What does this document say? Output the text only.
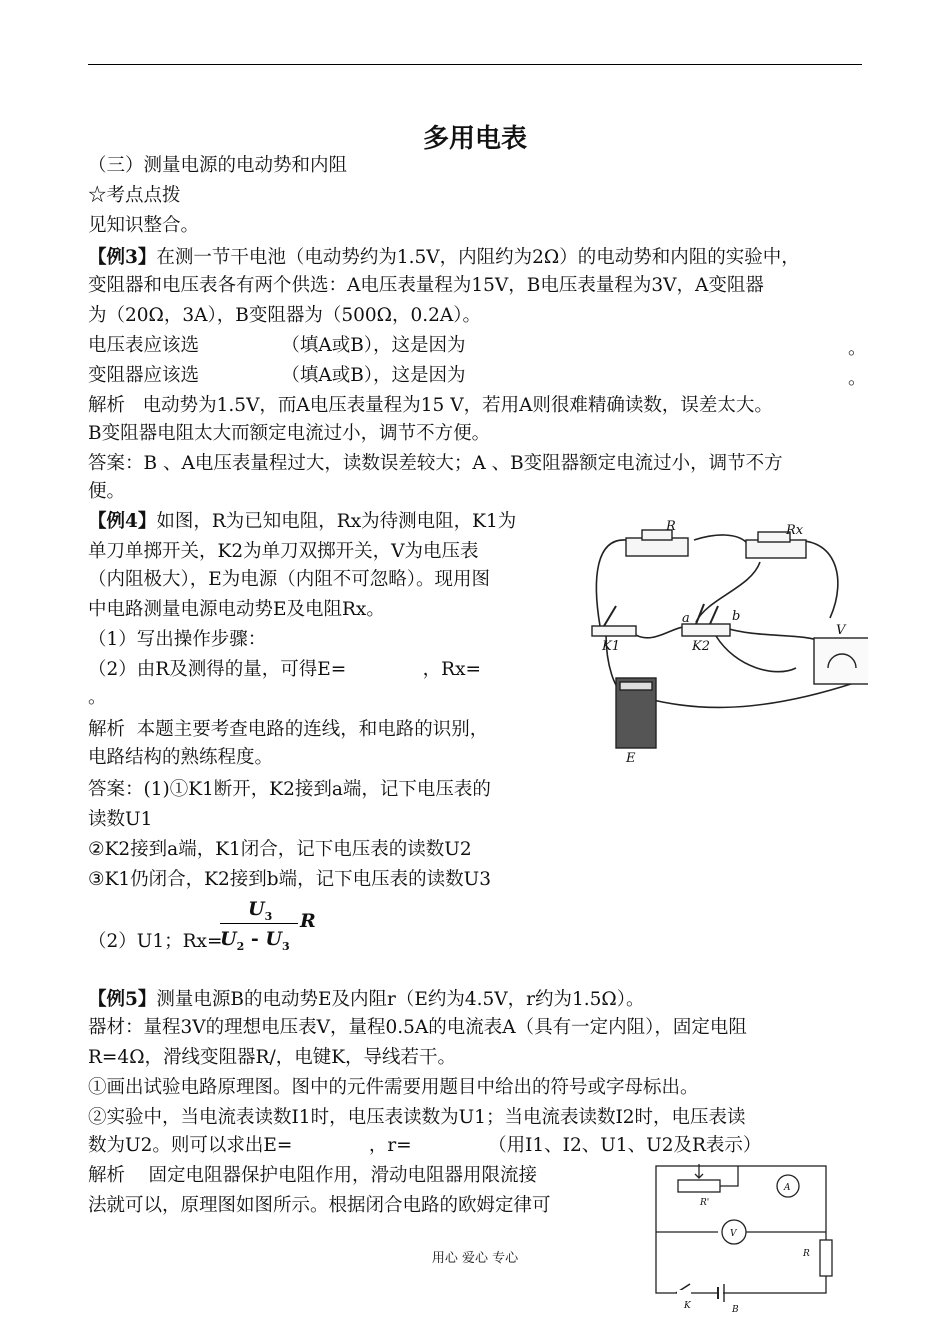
多用电表
（三）测量电源的电动势和内阻
☆考点点拨
见知识整合。
【例3】在测一节干电池（电动势约为1.5V，内阻约为2Ω）的电动势和内阻的实验中，
变阻器和电压表各有两个供选：A电压表量程为15V，B电压表量程为3V，A变阻器
为（20Ω，3A），B变阻器为（500Ω，0.2A）。
电压表应该选              （填A或B），这是因为	。
变阻器应该选              （填A或B），这是因为	。
解析   电动势为1.5V，而A电压表量程为15 V，若用A则很难精确读数，误差太大。
B变阻器电阻太大而额定电流过小，调节不方便。
答案：B 、A电压表量程过大，读数误差较大；A 、B变阻器额定电流过小，调节不方
便。
【例4】如图，R为已知电阻，Rx为待测电阻，K1为
单刀单掷开关，K2为单刀双掷开关，V为电压表
（内阻极大），E为电源（内阻不可忽略）。现用图
中电路测量电源电动势E及电阻Rx。
（1）写出操作步骤：
（2）由R及测得的量，可得E=             ，Rx=
。
解析  本题主要考查电路的连线，和电路的识别，
电路结构的熟练程度。
答案：(1)①K1断开，K2接到a端，记下电压表的
读数U1
②K2接到a端，K1闭合，记下电压表的读数U2
③K1仍闭合，K2接到b端，记下电压表的读数U3
（2）U1；Rx=
$U_3$
$U_2 - U_3$
R
【例5】测量电源B的电动势E及内阻r（E约为4.5V，r约为1.5Ω）。
器材：量程3V的理想电压表V，量程0.5A的电流表A（具有一定内阻），固定电阻
R=4Ω，滑线变阻器R/，电键K，导线若干。
①画出试验电路原理图。图中的元件需要用题目中给出的符号或字母标出。
②实验中，当电流表读数I1时，电压表读数为U1；当电流表读数I2时，电压表读
数为U2。则可以求出E=             ，r=             （用I1、I2、U1、U2及R表示）
解析    固定电阻器保护电阻作用，滑动电阻器用限流接
法就可以，原理图如图所示。根据闭合电路的欧姆定律可
R	Rx
a	b
V
K1	K2
E
R'
A
V
R
K	B
用心 爱心 专心
